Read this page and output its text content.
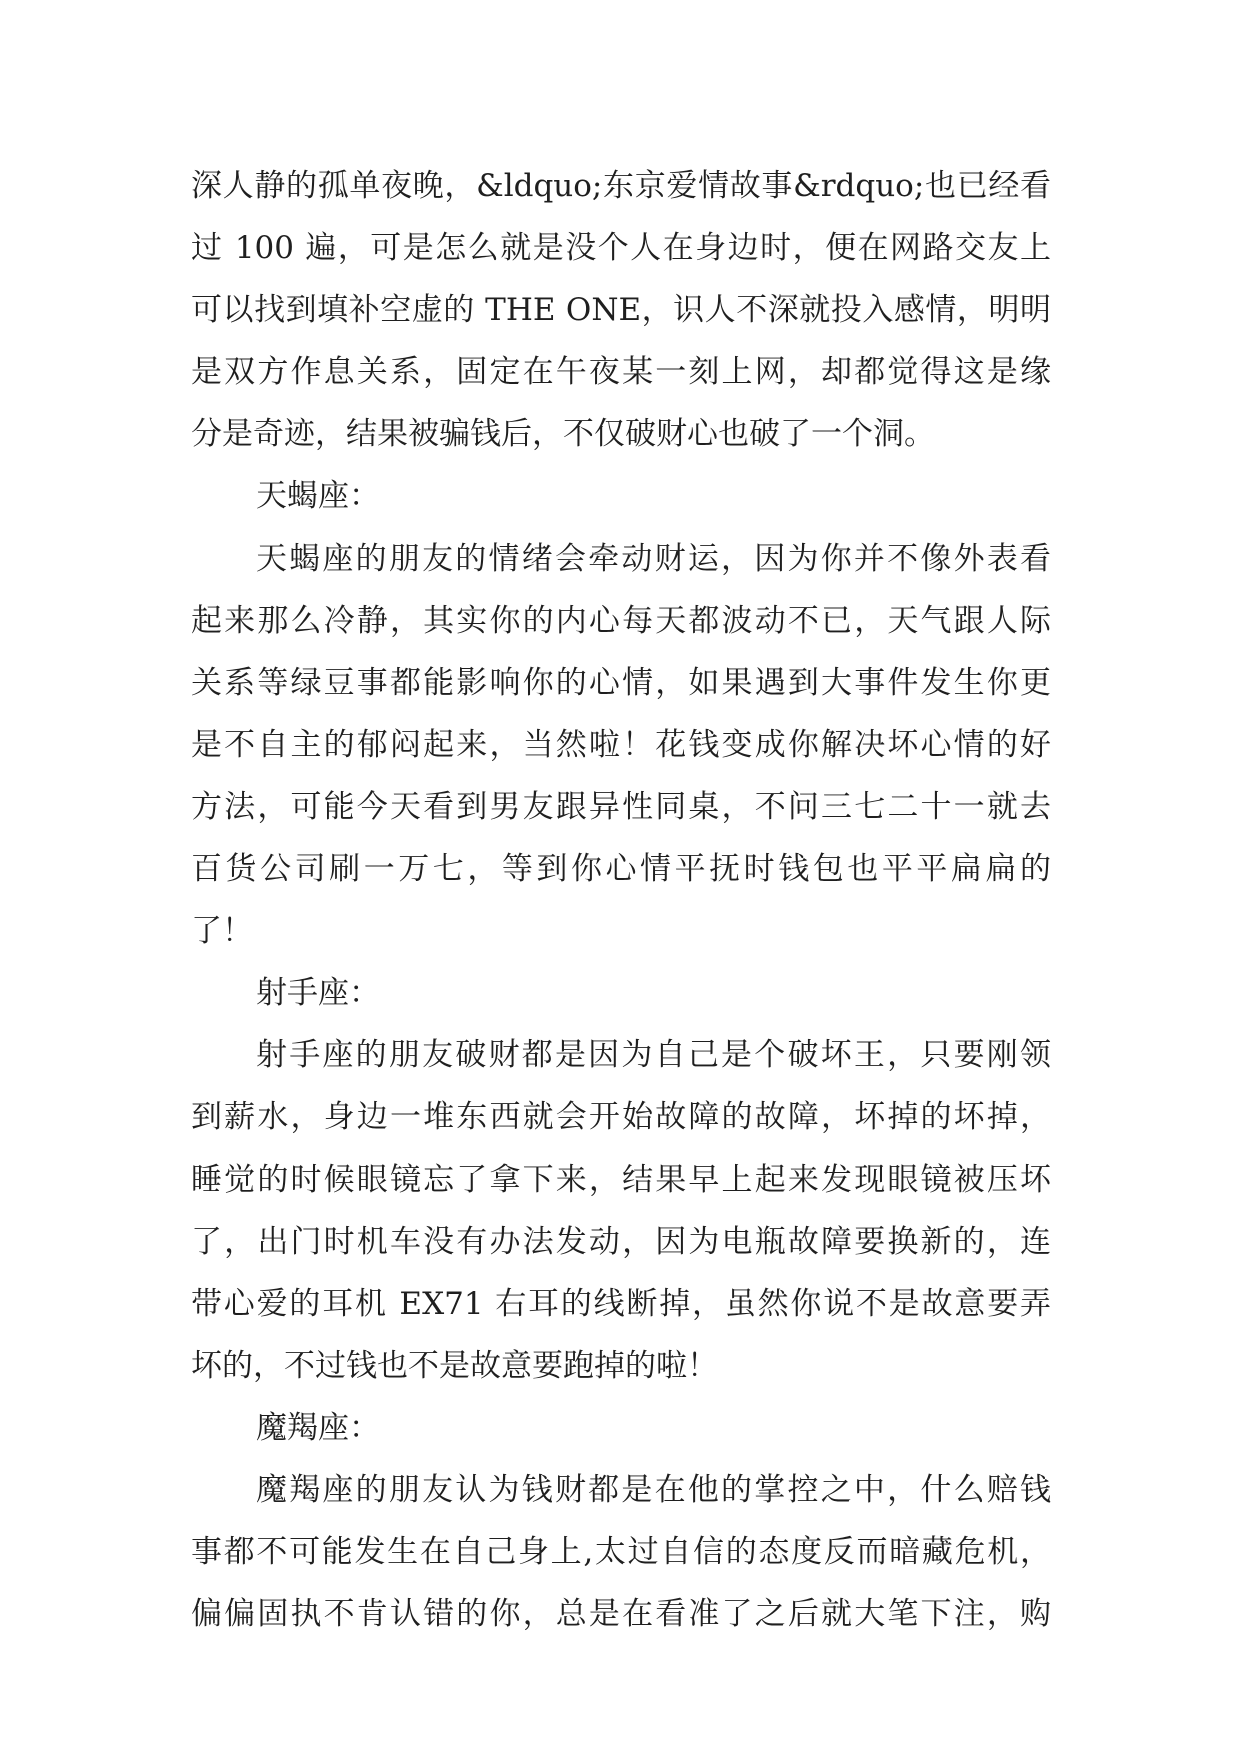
深人静的孤单夜晚，&ldquo;东京爱情故事&rdquo;也已经看
过 100 遍，可是怎么就是没个人在身边时，便在网路交友上
可以找到填补空虚的 THE ONE，识人不深就投入感情，明明
是双方作息关系，固定在午夜某一刻上网，却都觉得这是缘
分是奇迹，结果被骗钱后，不仅破财心也破了一个洞。
天蝎座：
天蝎座的朋友的情绪会牵动财运，因为你并不像外表看
起来那么冷静，其实你的内心每天都波动不已，天气跟人际
关系等绿豆事都能影响你的心情，如果遇到大事件发生你更
是不自主的郁闷起来，当然啦！花钱变成你解决坏心情的好
方法，可能今天看到男友跟异性同桌，不问三七二十一就去
百货公司刷一万七，等到你心情平抚时钱包也平平扁扁的
了！
射手座：
射手座的朋友破财都是因为自己是个破坏王，只要刚领
到薪水，身边一堆东西就会开始故障的故障，坏掉的坏掉，
睡觉的时候眼镜忘了拿下来，结果早上起来发现眼镜被压坏
了，出门时机车没有办法发动，因为电瓶故障要换新的，连
带心爱的耳机 EX71 右耳的线断掉，虽然你说不是故意要弄
坏的，不过钱也不是故意要跑掉的啦！
魔羯座：
魔羯座的朋友认为钱财都是在他的掌控之中，什么赔钱
事都不可能发生在自己身上,太过自信的态度反而暗藏危机，
偏偏固执不肯认错的你，总是在看准了之后就大笔下注，购
